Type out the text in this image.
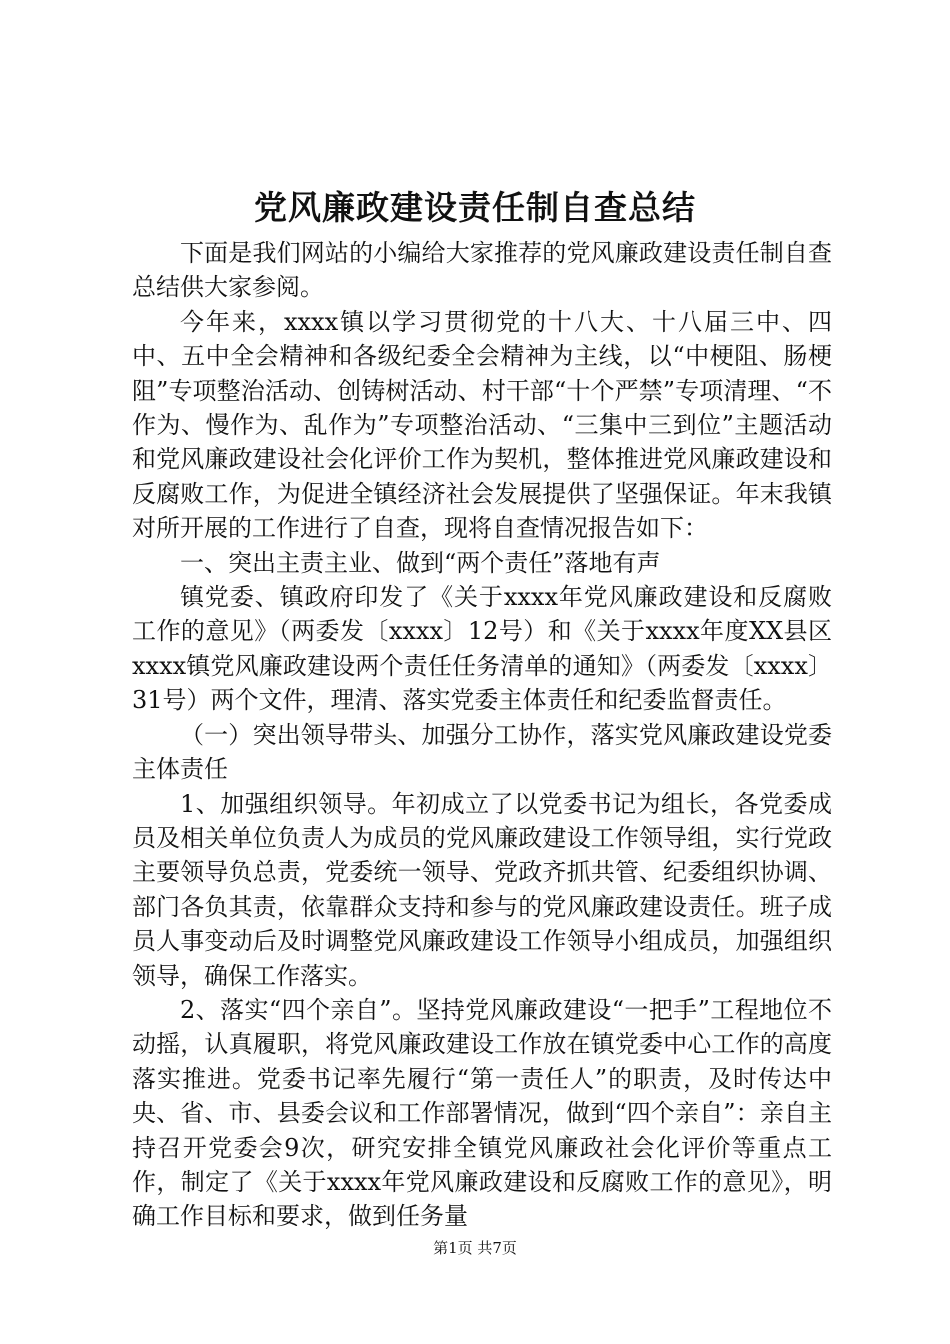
党风廉政建设责任制自查总结

下面是我们网站的小编给大家推荐的党风廉政建设责任制自查总结供大家参阅。

今年来，xxxx镇以学习贯彻党的十八大、十八届三中、四中、五中全会精神和各级纪委全会精神为主线，以“中梗阻、肠梗阻”专项整治活动、创铸树活动、村干部“十个严禁”专项清理、“不作为、慢作为、乱作为”专项整治活动、“三集中三到位”主题活动和党风廉政建设社会化评价工作为契机，整体推进党风廉政建设和反腐败工作，为促进全镇经济社会发展提供了坚强保证。年末我镇对所开展的工作进行了自查，现将自查情况报告如下：

一、突出主责主业、做到“两个责任”落地有声

镇党委、镇政府印发了《关于xxxx年党风廉政建设和反腐败工作的意见》（两委发〔xxxx〕12号）和《关于xxxx年度XX县区xxxx镇党风廉政建设两个责任任务清单的通知》（两委发〔xxxx〕31号）两个文件，理清、落实党委主体责任和纪委监督责任。

（一）突出领导带头、加强分工协作，落实党风廉政建设党委主体责任

1、加强组织领导。年初成立了以党委书记为组长，各党委成员及相关单位负责人为成员的党风廉政建设工作领导组，实行党政主要领导负总责，党委统一领导、党政齐抓共管、纪委组织协调、部门各负其责，依靠群众支持和参与的党风廉政建设责任。班子成员人事变动后及时调整党风廉政建设工作领导小组成员，加强组织领导，确保工作落实。

2、落实“四个亲自”。坚持党风廉政建设“一把手”工程地位不动摇，认真履职，将党风廉政建设工作放在镇党委中心工作的高度落实推进。党委书记率先履行“第一责任人”的职责，及时传达中央、省、市、县委会议和工作部署情况，做到“四个亲自”：亲自主持召开党委会9次，研究安排全镇党风廉政社会化评价等重点工作，制定了《关于xxxx年党风廉政建设和反腐败工作的意见》，明确工作目标和要求，做到任务量

第1页 共7页
